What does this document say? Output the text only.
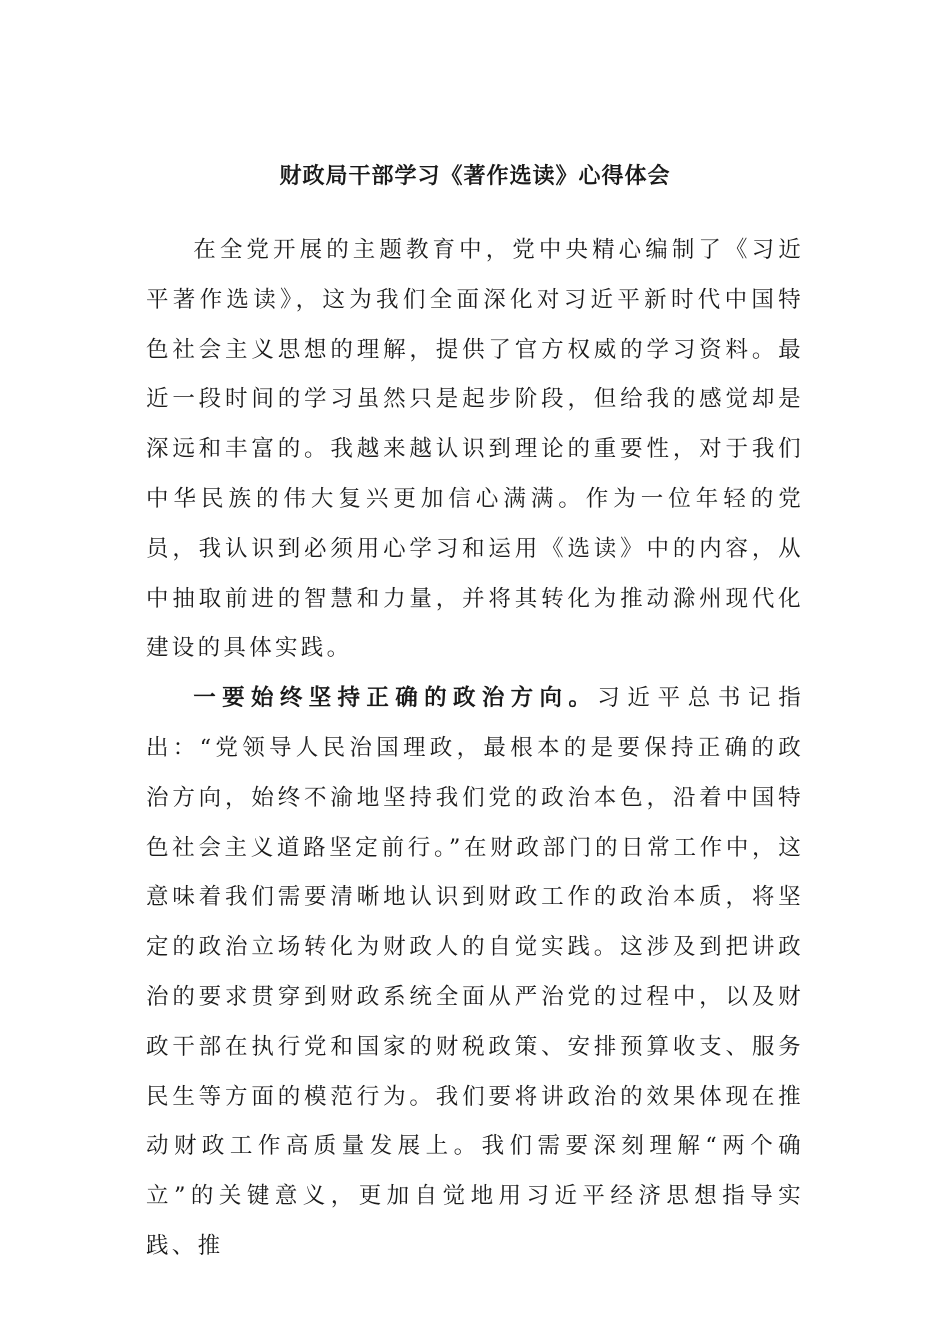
财政局干部学习《著作选读》心得体会

在全党开展的主题教育中，党中央精心编制了《习近平著作选读》，这为我们全面深化对习近平新时代中国特色社会主义思想的理解，提供了官方权威的学习资料。最近一段时间的学习虽然只是起步阶段，但给我的感觉却是深远和丰富的。我越来越认识到理论的重要性，对于我们中华民族的伟大复兴更加信心满满。作为一位年轻的党员，我认识到必须用心学习和运用《选读》中的内容，从中抽取前进的智慧和力量，并将其转化为推动滁州现代化建设的具体实践。

一要始终坚持正确的政治方向。习近平总书记指出：“党领导人民治国理政，最根本的是要保持正确的政治方向，始终不渝地坚持我们党的政治本色，沿着中国特色社会主义道路坚定前行。”在财政部门的日常工作中，这意味着我们需要清晰地认识到财政工作的政治本质，将坚定的政治立场转化为财政人的自觉实践。这涉及到把讲政治的要求贯穿到财政系统全面从严治党的过程中，以及财政干部在执行党和国家的财税政策、安排预算收支、服务民生等方面的模范行为。我们要将讲政治的效果体现在推动财政工作高质量发展上。我们需要深刻理解“两个确立”的关键意义，更加自觉地用习近平经济思想指导实践、推
